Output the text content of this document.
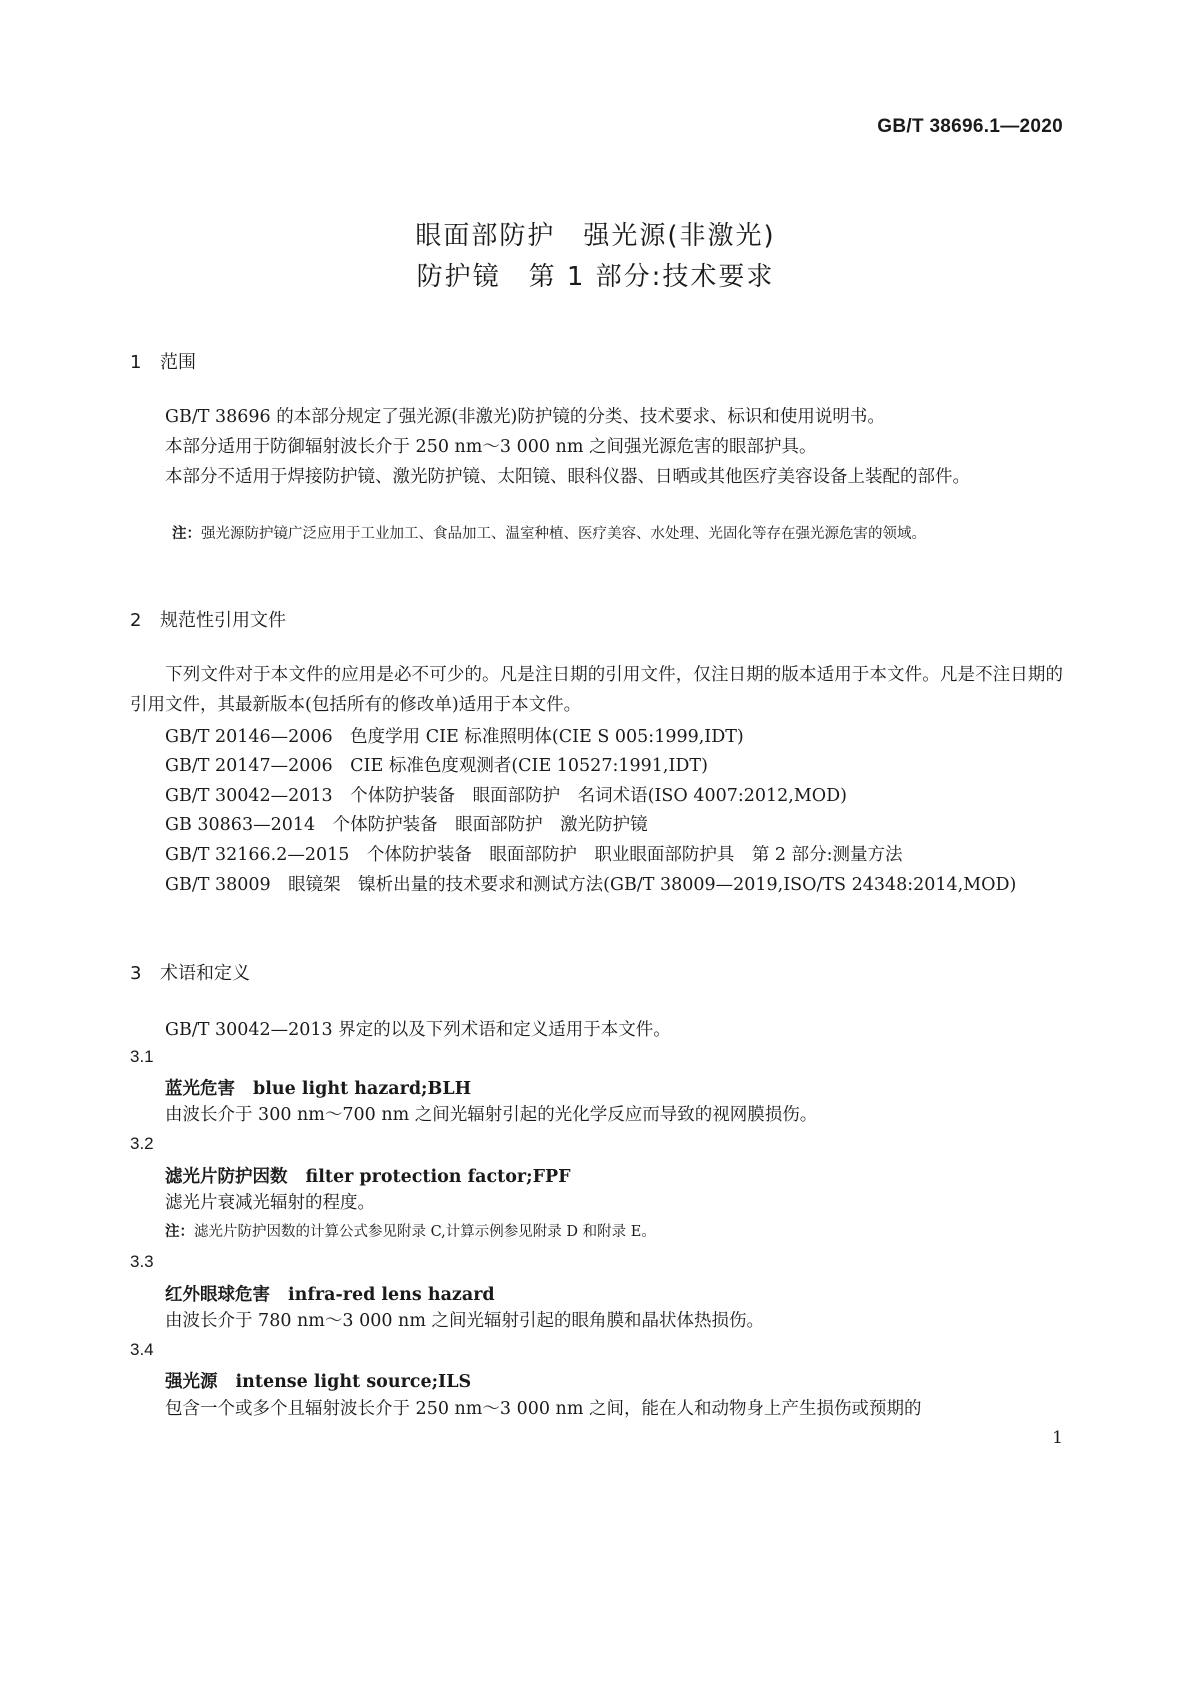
GB/T 38696.1—2020
眼面部防护　强光源(非激光)
防护镜　第 1 部分:技术要求
1 范围
GB/T 38696 的本部分规定了强光源(非激光)防护镜的分类、技术要求、标识和使用说明书。
本部分适用于防御辐射波长介于 250 nm～3 000 nm 之间强光源危害的眼部护具。
本部分不适用于焊接防护镜、激光防护镜、太阳镜、眼科仪器、日晒或其他医疗美容设备上装配的部件。
注：强光源防护镜广泛应用于工业加工、食品加工、温室种植、医疗美容、水处理、光固化等存在强光源危害的领域。
2 规范性引用文件
下列文件对于本文件的应用是必不可少的。凡是注日期的引用文件，仅注日期的版本适用于本文件。凡是不注日期的引用文件，其最新版本(包括所有的修改单)适用于本文件。
GB/T 20146—2006　色度学用 CIE 标准照明体(CIE S 005:1999,IDT)
GB/T 20147—2006　CIE 标准色度观测者(CIE 10527:1991,IDT)
GB/T 30042—2013　个体防护装备　眼面部防护　名词术语(ISO 4007:2012,MOD)
GB 30863—2014　个体防护装备　眼面部防护　激光防护镜
GB/T 32166.2—2015　个体防护装备　眼面部防护　职业眼面部防护具　第 2 部分:测量方法
GB/T 38009　眼镜架　镍析出量的技术要求和测试方法(GB/T 38009—2019,ISO/TS 24348:2014,MOD)
3 术语和定义
GB/T 30042—2013 界定的以及下列术语和定义适用于本文件。
3.1
蓝光危害 blue light hazard;BLH
由波长介于 300 nm～700 nm 之间光辐射引起的光化学反应而导致的视网膜损伤。
3.2
滤光片防护因数 filter protection factor;FPF
滤光片衰减光辐射的程度。
注：滤光片防护因数的计算公式参见附录 C,计算示例参见附录 D 和附录 E。
3.3
红外眼球危害 infra-red lens hazard
由波长介于 780 nm～3 000 nm 之间光辐射引起的眼角膜和晶状体热损伤。
3.4
强光源 intense light source;ILS
包含一个或多个且辐射波长介于 250 nm～3 000 nm 之间，能在人和动物身上产生损伤或预期的
1
